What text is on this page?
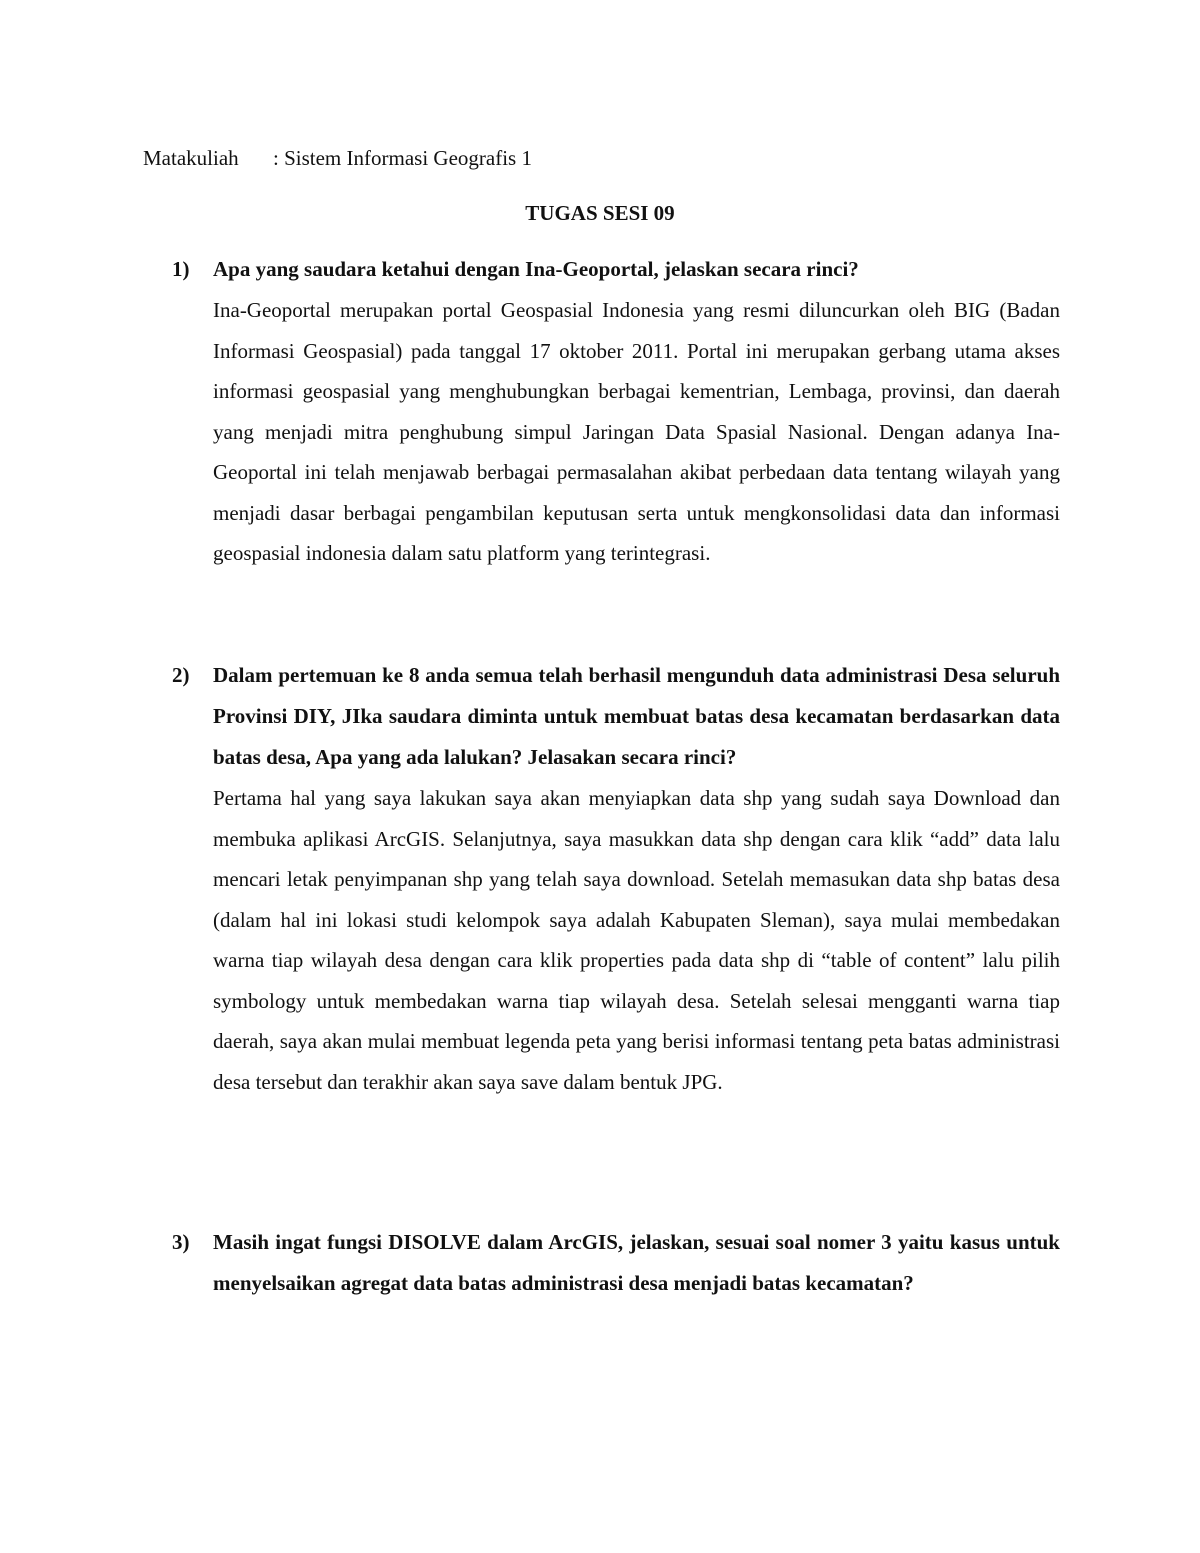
Matakuliah : Sistem Informasi Geografis 1
TUGAS SESI 09
1) Apa yang saudara ketahui dengan Ina-Geoportal, jelaskan secara rinci?

Ina-Geoportal merupakan portal Geospasial Indonesia yang resmi diluncurkan oleh BIG (Badan Informasi Geospasial) pada tanggal 17 oktober 2011. Portal ini merupakan gerbang utama akses informasi geospasial yang menghubungkan berbagai kementrian, Lembaga, provinsi, dan daerah yang menjadi mitra penghubung simpul Jaringan Data Spasial Nasional. Dengan adanya Ina-Geoportal ini telah menjawab berbagai permasalahan akibat perbedaan data tentang wilayah yang menjadi dasar berbagai pengambilan keputusan serta untuk mengkonsolidasi data dan informasi geospasial indonesia dalam satu platform yang terintegrasi.

2) Dalam pertemuan ke 8 anda semua telah berhasil mengunduh data administrasi Desa seluruh Provinsi DIY, JIka saudara diminta untuk membuat batas desa kecamatan berdasarkan data batas desa, Apa yang ada lalukan? Jelasakan secara rinci?

Pertama hal yang saya lakukan saya akan menyiapkan data shp yang sudah saya Download dan membuka aplikasi ArcGIS. Selanjutnya, saya masukkan data shp dengan cara klik “add” data lalu mencari letak penyimpanan shp yang telah saya download. Setelah memasukan data shp batas desa (dalam hal ini lokasi studi kelompok saya adalah Kabupaten Sleman), saya mulai membedakan warna tiap wilayah desa dengan cara klik properties pada data shp di “table of content” lalu pilih symbology untuk membedakan warna tiap wilayah desa. Setelah selesai mengganti warna tiap daerah, saya akan mulai membuat legenda peta yang berisi informasi tentang peta batas administrasi desa tersebut dan terakhir akan saya save dalam bentuk JPG.

3) Masih ingat fungsi DISOLVE dalam ArcGIS, jelaskan, sesuai soal nomer 3 yaitu kasus untuk menyelsaikan agregat data batas administrasi desa menjadi batas kecamatan?
